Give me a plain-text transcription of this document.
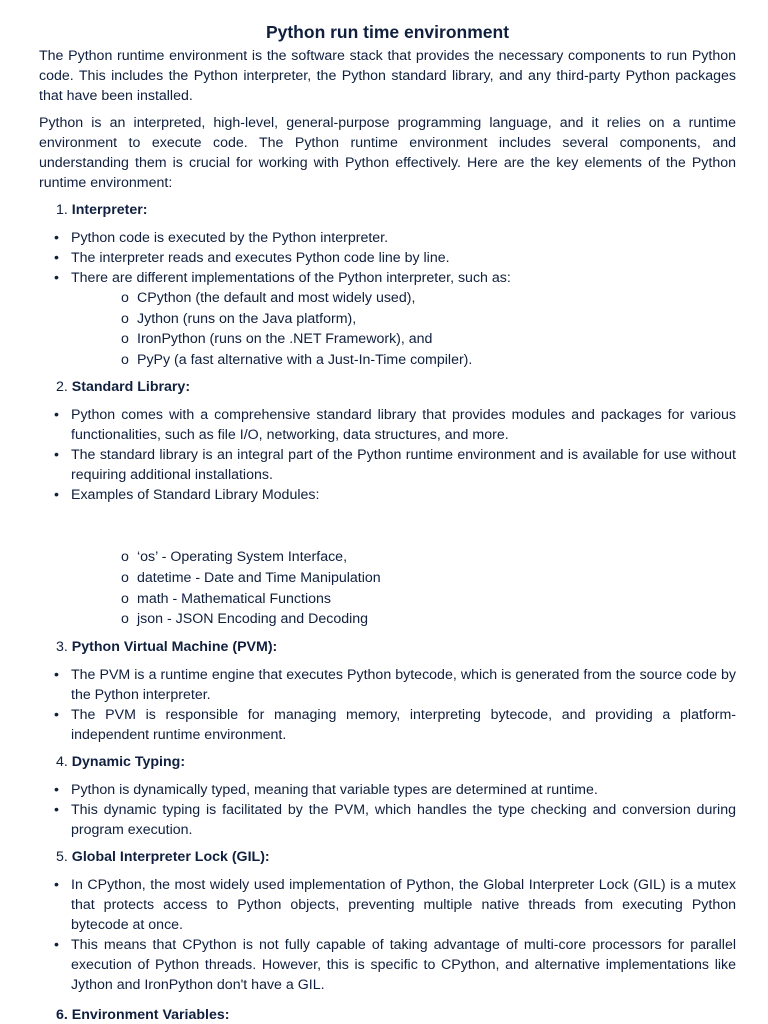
Python run time environment

The Python runtime environment is the software stack that provides the necessary components to run Python code. This includes the Python interpreter, the Python standard library, and any third-party Python packages that have been installed.

Python is an interpreted, high-level, general-purpose programming language, and it relies on a runtime environment to execute code. The Python runtime environment includes several components, and understanding them is crucial for working with Python effectively. Here are the key elements of the Python runtime environment:

1. Interpreter:
• Python code is executed by the Python interpreter.
• The interpreter reads and executes Python code line by line.
• There are different implementations of the Python interpreter, such as:
o CPython (the default and most widely used),
o Jython (runs on the Java platform),
o IronPython (runs on the .NET Framework), and
o PyPy (a fast alternative with a Just-In-Time compiler).
2. Standard Library:
• Python comes with a comprehensive standard library that provides modules and packages for various functionalities, such as file I/O, networking, data structures, and more.
• The standard library is an integral part of the Python runtime environment and is available for use without requiring additional installations.
• Examples of Standard Library Modules:
o ‘os’ - Operating System Interface,
o datetime - Date and Time Manipulation
o math - Mathematical Functions
o json - JSON Encoding and Decoding
3. Python Virtual Machine (PVM):
• The PVM is a runtime engine that executes Python bytecode, which is generated from the source code by the Python interpreter.
• The PVM is responsible for managing memory, interpreting bytecode, and providing a platform-independent runtime environment.
4. Dynamic Typing:
• Python is dynamically typed, meaning that variable types are determined at runtime.
• This dynamic typing is facilitated by the PVM, which handles the type checking and conversion during program execution.
5. Global Interpreter Lock (GIL):
• In CPython, the most widely used implementation of Python, the Global Interpreter Lock (GIL) is a mutex that protects access to Python objects, preventing multiple native threads from executing Python bytecode at once.
• This means that CPython is not fully capable of taking advantage of multi-core processors for parallel execution of Python threads. However, this is specific to CPython, and alternative implementations like Jython and IronPython don't have a GIL.
6. Environment Variables:
